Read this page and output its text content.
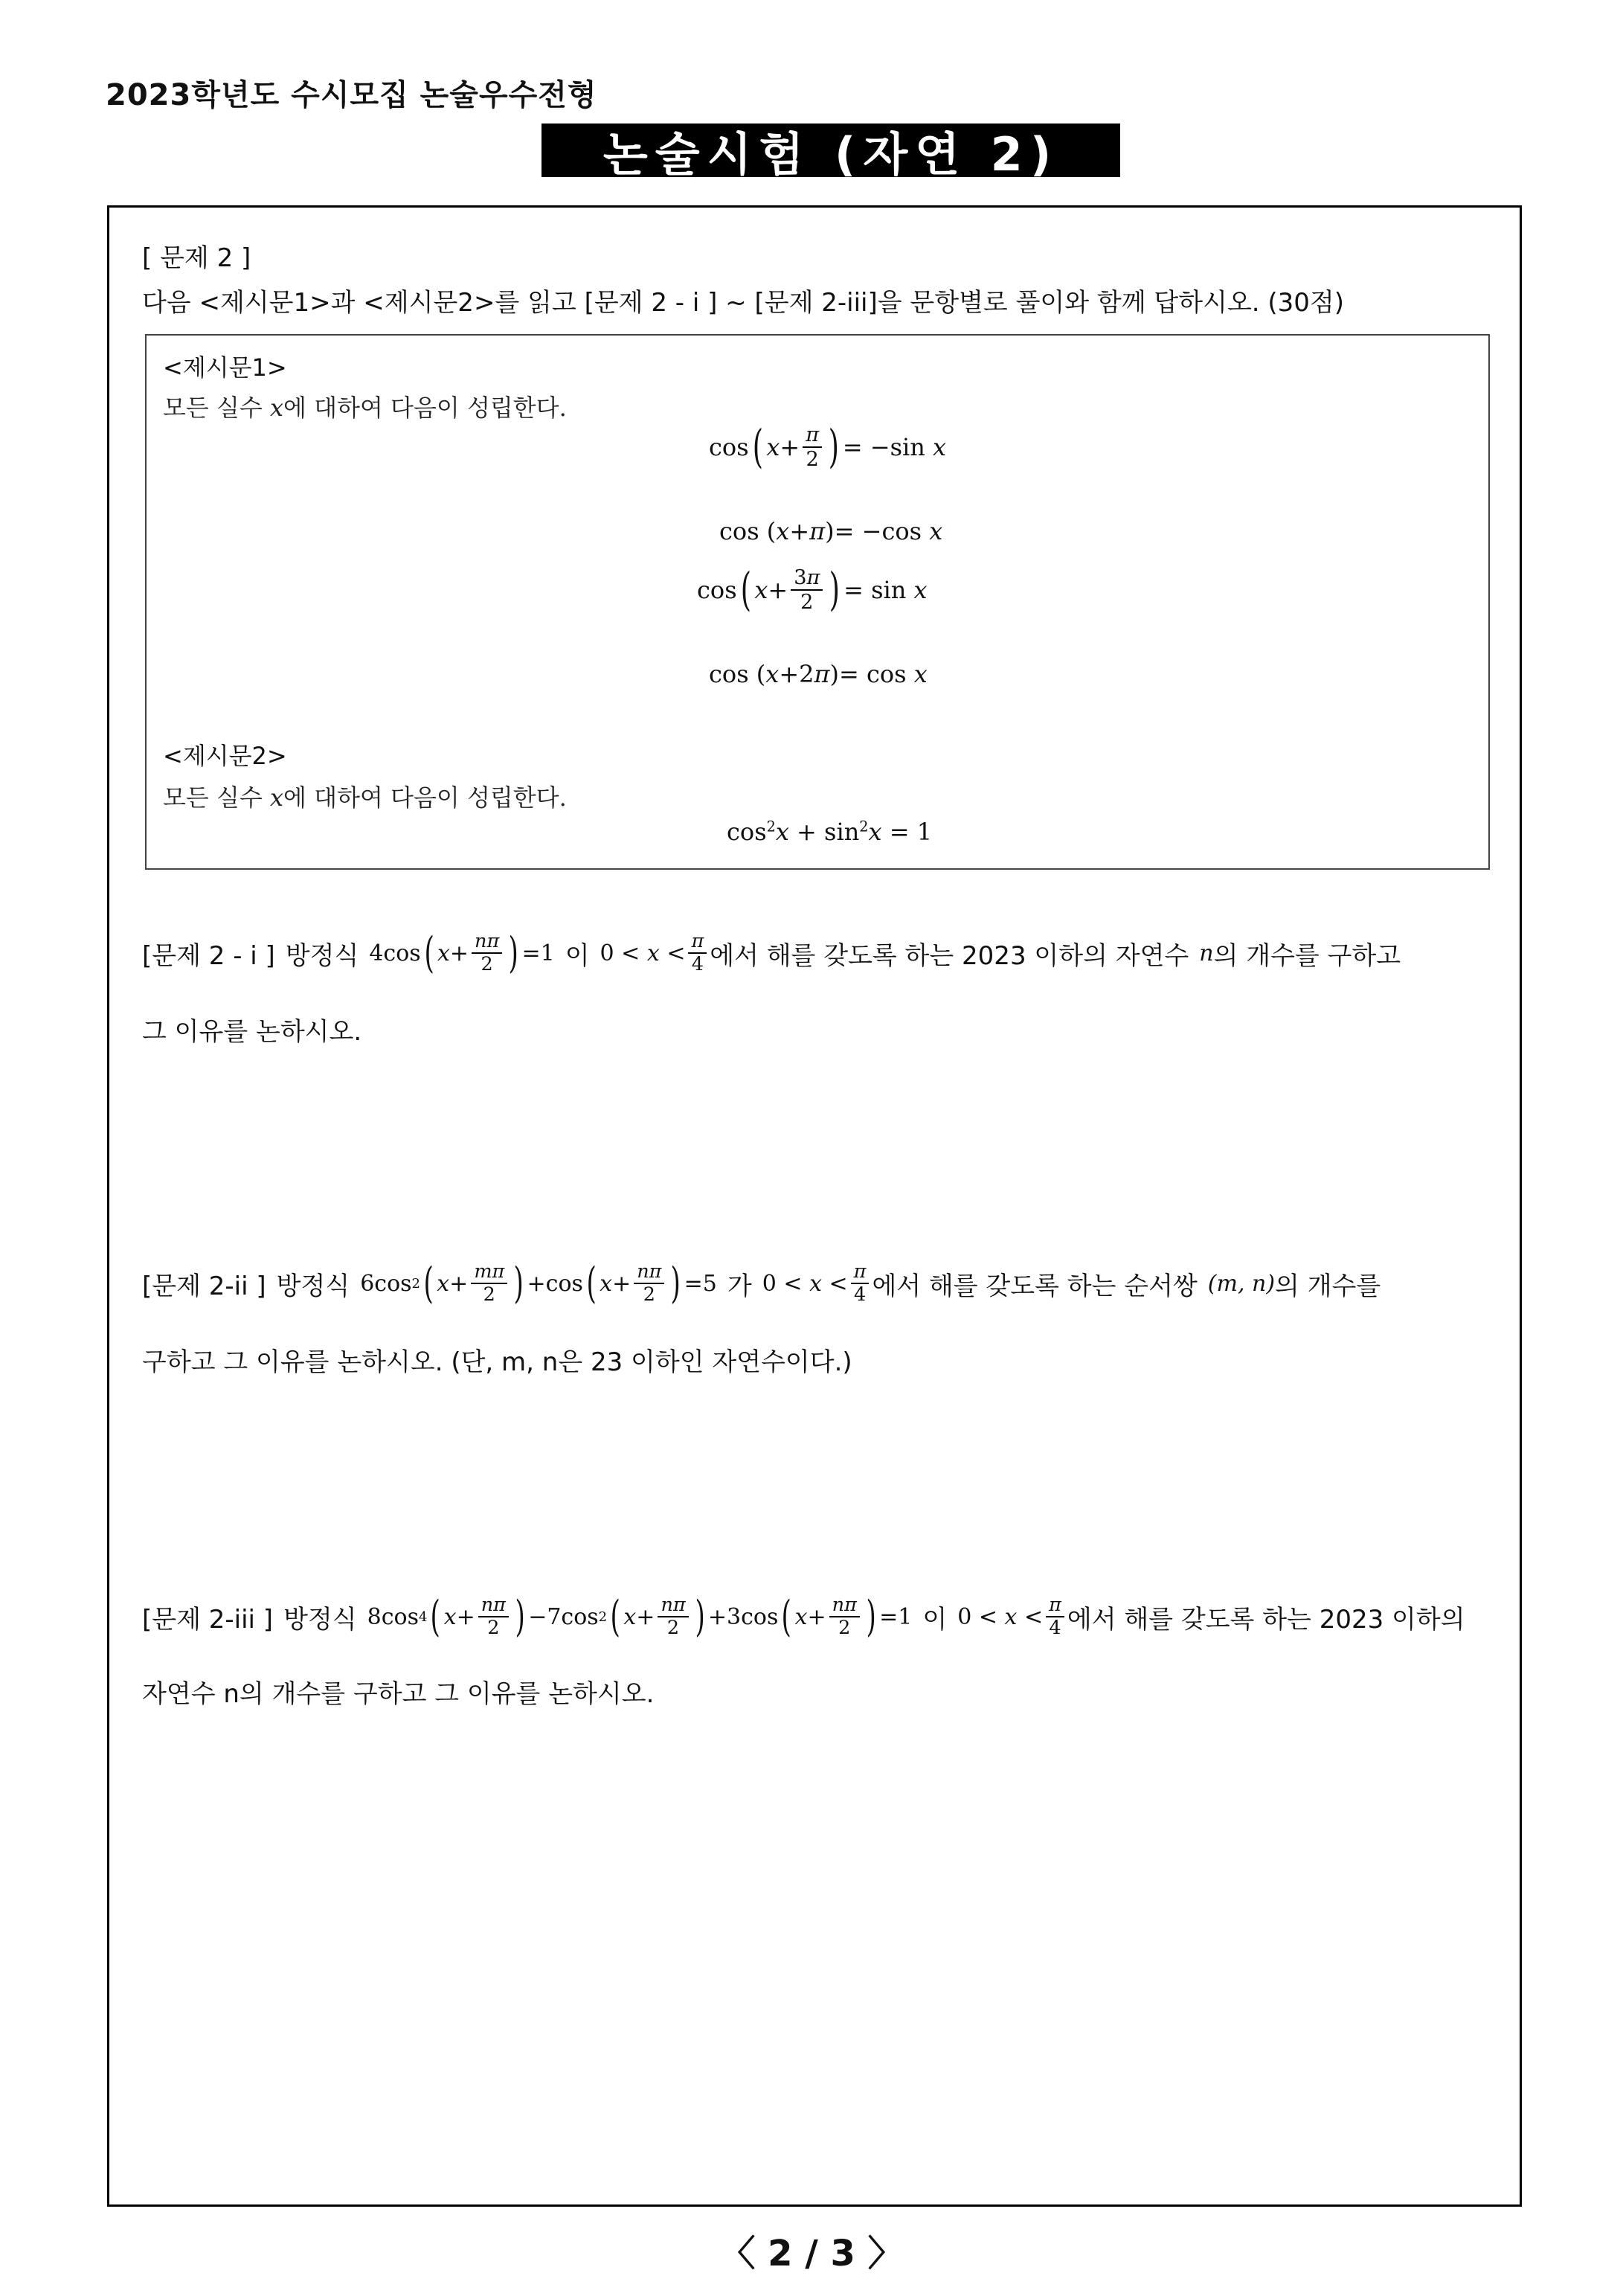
2023학년도 수시모집 논술우수전형
논술시험 (자연 2)
[ 문제 2 ]
다음 <제시문1>과 <제시문2>를 읽고 [문제 2 - i ] ~ [문제 2-iii]을 문항별로 풀이와 함께 답하시오. (30점)
<제시문1>
모든 실수 x에 대하여 다음이 성립한다.
cos ( $x + \frac{\pi}{2}$ ) = −sin x
cos ( x + π )= −cos x
cos ( $x + \frac{3\pi}{2}$ ) = sin x
cos ( x +2 π )= cos x
<제시문2>
모든 실수 x에 대하여 다음이 성립한다.
$\cos^2 x + \sin^2 x = 1$
[문제 2 - i ] 방정식 4cos ( $x + \frac{n\pi}{2}$ ) =1 이 $0 < x < \frac{\pi}{4}$ 에서 해를 갖도록 하는 2023 이하의 자연수 n 의 개수를 구하고
그 이유를 논하시오.
[문제 2-ii ] 방정식 6cos 2 ( $x + \frac{m\pi}{2}$ ) +cos ( $x + \frac{n\pi}{2}$ ) =5 가 $0 < x < \frac{\pi}{4}$ 에서 해를 갖도록 하는 순서쌍 (m, n) 의 개수를
구하고 그 이유를 논하시오. (단, m, n은 23 이하인 자연수이다.)
[문제 2-iii ] 방정식 8cos 4 ( $x + \frac{n\pi}{2}$ ) −7cos 2 ( $x + \frac{n\pi}{2}$ ) +3cos ( $x + \frac{n\pi}{2}$ ) =1 이 $0 < x < \frac{\pi}{4}$ 에서 해를 갖도록 하는 2023 이하의
자연수 n의 개수를 구하고 그 이유를 논하시오.
〈 2 / 3 〉
